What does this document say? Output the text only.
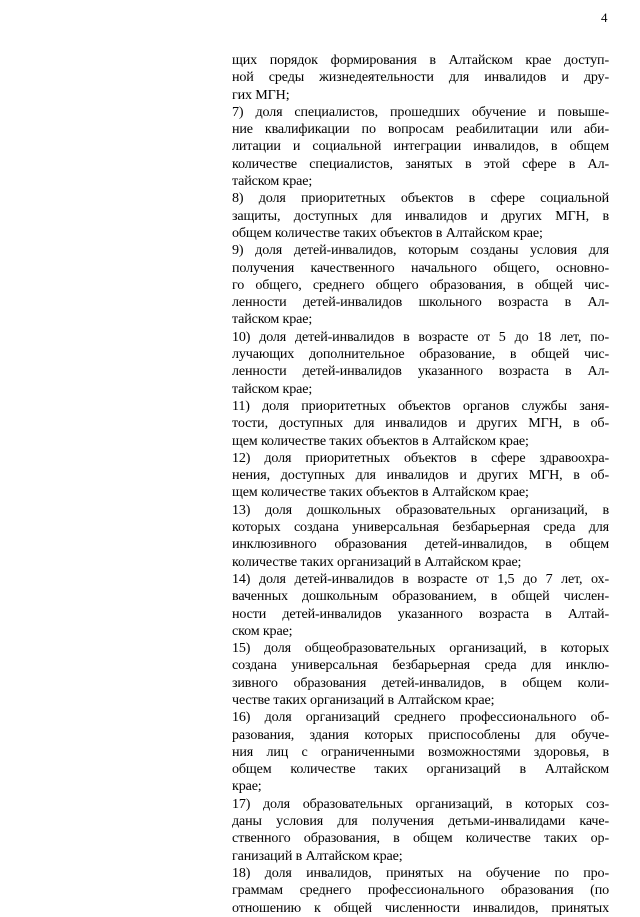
4

щих порядок формирования в Алтайском крае доступ-
ной среды жизнедеятельности для инвалидов и дру-
гих МГН;

7) доля специалистов, прошедших обучение и повыше-
ние квалификации по вопросам реабилитации или аби-
литации и социальной интеграции инвалидов, в общем
количестве специалистов, занятых в этой сфере в Ал-
тайском крае;

8) доля приоритетных объектов в сфере социальной
защиты, доступных для инвалидов и других МГН, в
общем количестве таких объектов в Алтайском крае;

9) доля детей-инвалидов, которым созданы условия для
получения качественного начального общего, основно-
го общего, среднего общего образования, в общей чис-
ленности детей-инвалидов школьного возраста в Ал-
тайском крае;

10) доля детей-инвалидов в возрасте от 5 до 18 лет, по-
лучающих дополнительное образование, в общей чис-
ленности детей-инвалидов указанного возраста в Ал-
тайском крае;

11) доля приоритетных объектов органов службы заня-
тости, доступных для инвалидов и других МГН, в об-
щем количестве таких объектов в Алтайском крае;

12) доля приоритетных объектов в сфере здравоохра-
нения, доступных для инвалидов и других МГН, в об-
щем количестве таких объектов в Алтайском крае;

13) доля дошкольных образовательных организаций, в
которых создана универсальная безбарьерная среда для
инклюзивного образования детей-инвалидов, в общем
количестве таких организаций в Алтайском крае;

14) доля детей-инвалидов в возрасте от 1,5 до 7 лет, ох-
ваченных дошкольным образованием, в общей числен-
ности детей-инвалидов указанного возраста в Алтай-
ском крае;

15) доля общеобразовательных организаций, в которых
создана универсальная безбарьерная среда для инклю-
зивного образования детей-инвалидов, в общем коли-
честве таких организаций в Алтайском крае;

16) доля организаций среднего профессионального об-
разования, здания которых приспособлены для обуче-
ния лиц с ограниченными возможностями здоровья, в
общем количестве таких организаций в Алтайском
крае;

17) доля образовательных организаций, в которых соз-
даны условия для получения детьми-инвалидами каче-
ственного образования, в общем количестве таких ор-
ганизаций в Алтайском крае;

18) доля инвалидов, принятых на обучение по про-
граммам среднего профессионального образования (по
отношению к общей численности инвалидов, принятых
